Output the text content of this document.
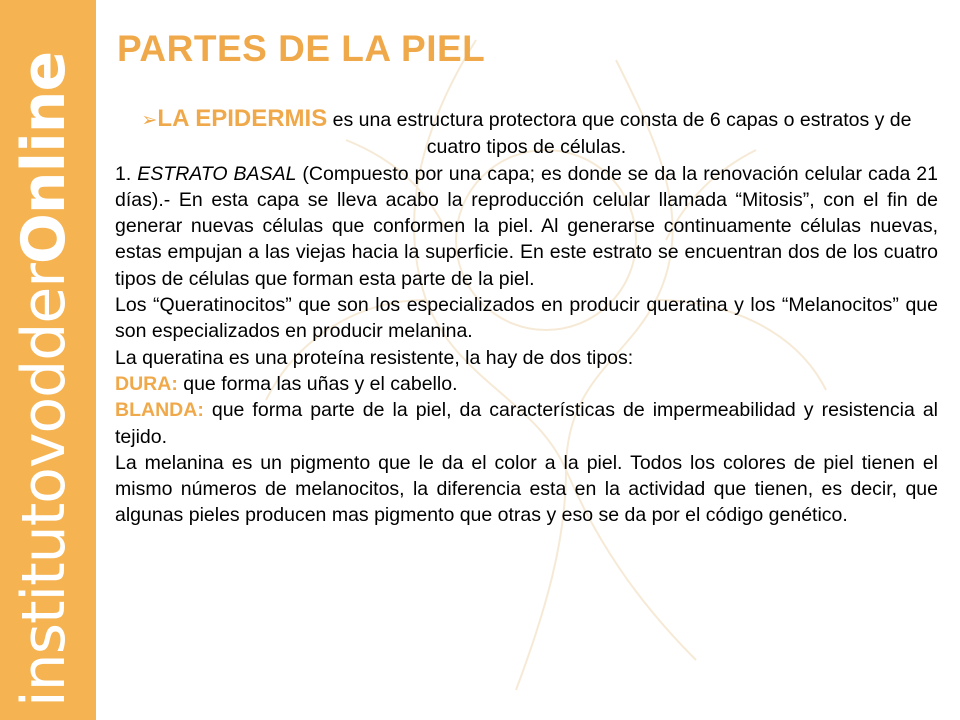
institutovodderOnline
PARTES DE LA PIEL

➢LA EPIDERMIS es una estructura protectora que consta de 6 capas o estratos y de cuatro tipos de células.

1. ESTRATO BASAL (Compuesto por una capa; es donde se da la renovación celular cada 21 días).- En esta capa se lleva acabo la reproducción celular llamada “Mitosis”, con el fin de generar nuevas células que conformen la piel. Al generarse continuamente células nuevas, estas empujan a las viejas hacia la superficie. En este estrato se encuentran dos de los cuatro tipos de células que forman esta parte de la piel.

Los “Queratinocitos” que son los especializados en producir queratina y los “Melanocitos” que son especializados en producir melanina.

La queratina es una proteína resistente, la hay de dos tipos:

DURA: que forma las uñas y el cabello.

BLANDA: que forma parte de la piel, da características de impermeabilidad y resistencia al tejido.

La melanina es un pigmento que le da el color a la piel. Todos los colores de piel tienen el mismo números de melanocitos, la diferencia esta en la actividad que tienen, es decir, que algunas pieles producen mas pigmento que otras y eso se da por el código genético.
